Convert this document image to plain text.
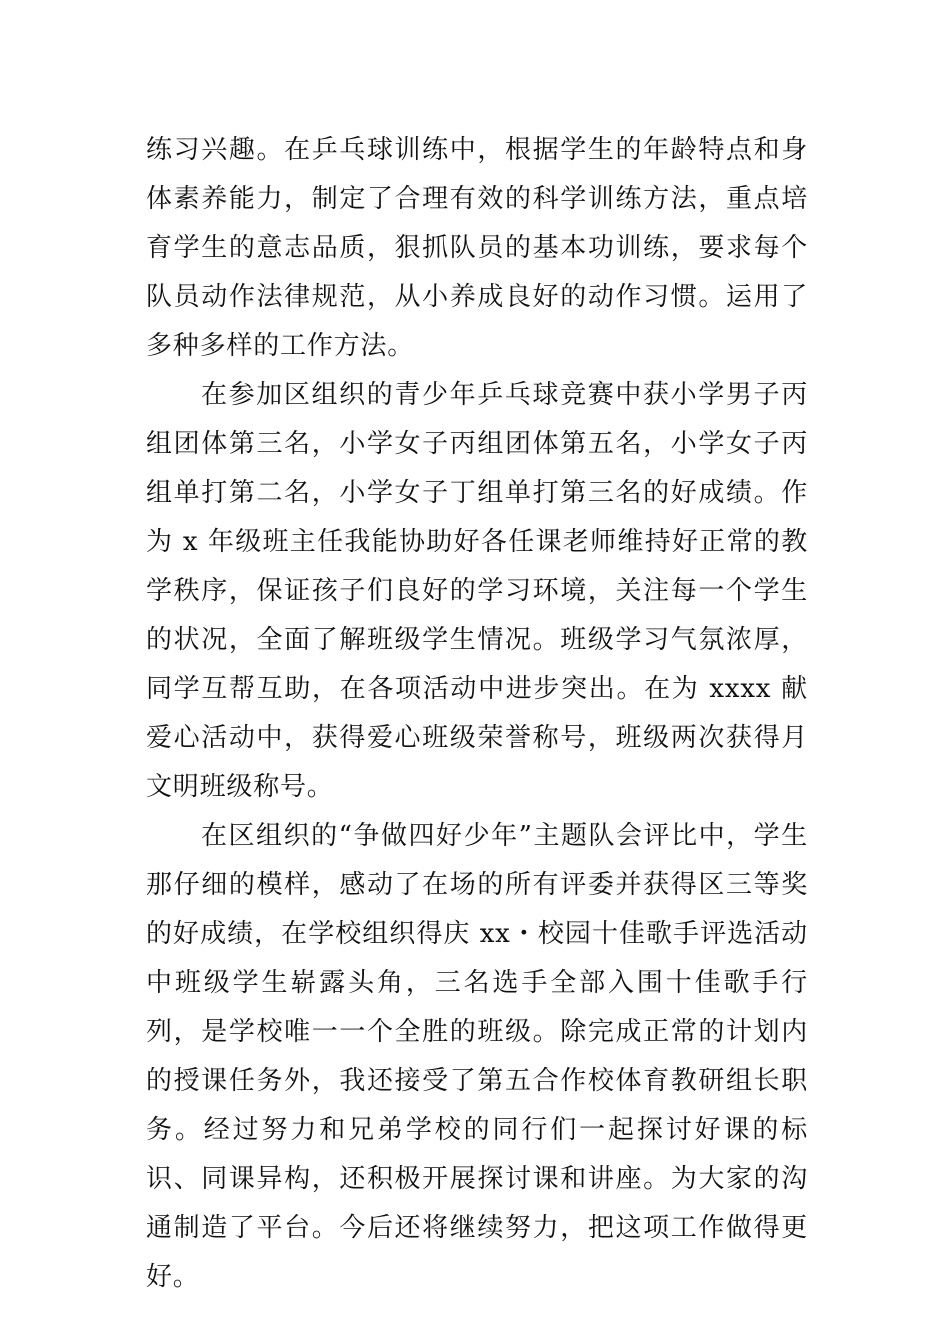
练习兴趣。在乒乓球训练中，根据学生的年龄特点和身体素养能力，制定了合理有效的科学训练方法，重点培育学生的意志品质，狠抓队员的基本功训练，要求每个队员动作法律规范，从小养成良好的动作习惯。运用了多种多样的工作方法。

在参加区组织的青少年乒乓球竞赛中获小学男子丙组团体第三名，小学女子丙组团体第五名，小学女子丙组单打第二名，小学女子丁组单打第三名的好成绩。作为 x 年级班主任我能协助好各任课老师维持好正常的教学秩序，保证孩子们良好的学习环境，关注每一个学生的状况，全面了解班级学生情况。班级学习气氛浓厚，同学互帮互助，在各项活动中进步突出。在为 xxxx 献爱心活动中，获得爱心班级荣誉称号，班级两次获得月文明班级称号。

在区组织的“争做四好少年”主题队会评比中，学生那仔细的模样，感动了在场的所有评委并获得区三等奖的好成绩，在学校组织得庆 xx・校园十佳歌手评选活动中班级学生崭露头角，三名选手全部入围十佳歌手行列，是学校唯一一个全胜的班级。除完成正常的计划内的授课任务外，我还接受了第五合作校体育教研组长职务。经过努力和兄弟学校的同行们一起探讨好课的标识、同课异构，还积极开展探讨课和讲座。为大家的沟通制造了平台。今后还将继续努力，把这项工作做得更好。
